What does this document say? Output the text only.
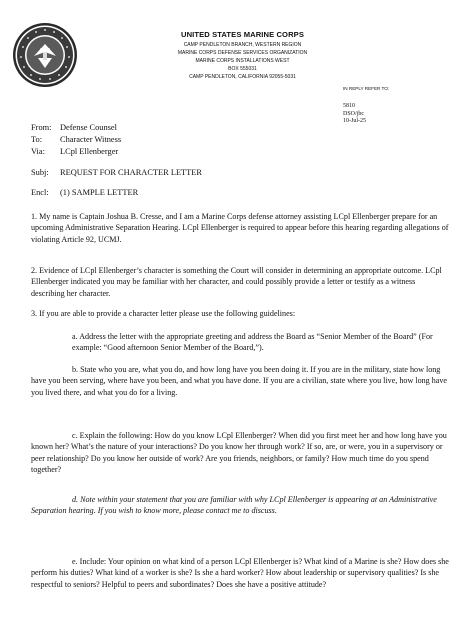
UNITED STATES MARINE CORPS
CAMP PENDLETON BRANCH, WESTERN REGION
MARINE CORPS DEFENSE SERVICES ORGANIZATION
MARINE CORPS INSTALLATIONS WEST
BOX 555031
CAMP PENDLETON, CALIFORNIA 92055-5031
IN REPLY REFER TO:
5810
DSO/jbc
10-Jul-25
From: Defense Counsel
To: Character Witness
Via: LCpl Ellenberger
Subj: REQUEST FOR CHARACTER LETTER
Encl: (1) SAMPLE LETTER

1. My name is Captain Joshua B. Cresse, and I am a Marine Corps defense attorney assisting LCpl Ellenberger prepare for an upcoming Administrative Separation Hearing. LCpl Ellenberger is required to appear before this hearing regarding allegations of violating Article 92, UCMJ.

2. Evidence of LCpl Ellenberger’s character is something the Court will consider in determining an appropriate outcome. LCpl Ellenberger indicated you may be familiar with her character, and could possibly provide a letter or testify as a witness describing her character.

3. If you are able to provide a character letter please use the following guidelines:

a. Address the letter with the appropriate greeting and address the Board as “Senior Member of the Board” (For example: “Good afternoon Senior Member of the Board,”).

b. State who you are, what you do, and how long have you been doing it. If you are in the military, state how long have you been serving, where have you been, and what you have done. If you are a civilian, state where you live, how long have you lived there, and what you do for a living.

c. Explain the following: How do you know LCpl Ellenberger? When did you first meet her and how long have you known her? What’s the nature of your interactions? Do you know her through work? If so, are, or were, you in a supervisory or peer relationship? Do you know her outside of work? Are you friends, neighbors, or family? How much time do you spend together?

d. Note within your statement that you are familiar with why LCpl Ellenberger is appearing at an Administrative Separation hearing. If you wish to know more, please contact me to discuss.

e. Include: Your opinion on what kind of a person LCpl Ellenberger is? What kind of a Marine is she? How does she perform his duties? What kind of a worker is she? Is she a hard worker? How about leadership or supervisory qualities? Is she respectful to seniors? Helpful to peers and subordinates? Does she have a positive attitude?
